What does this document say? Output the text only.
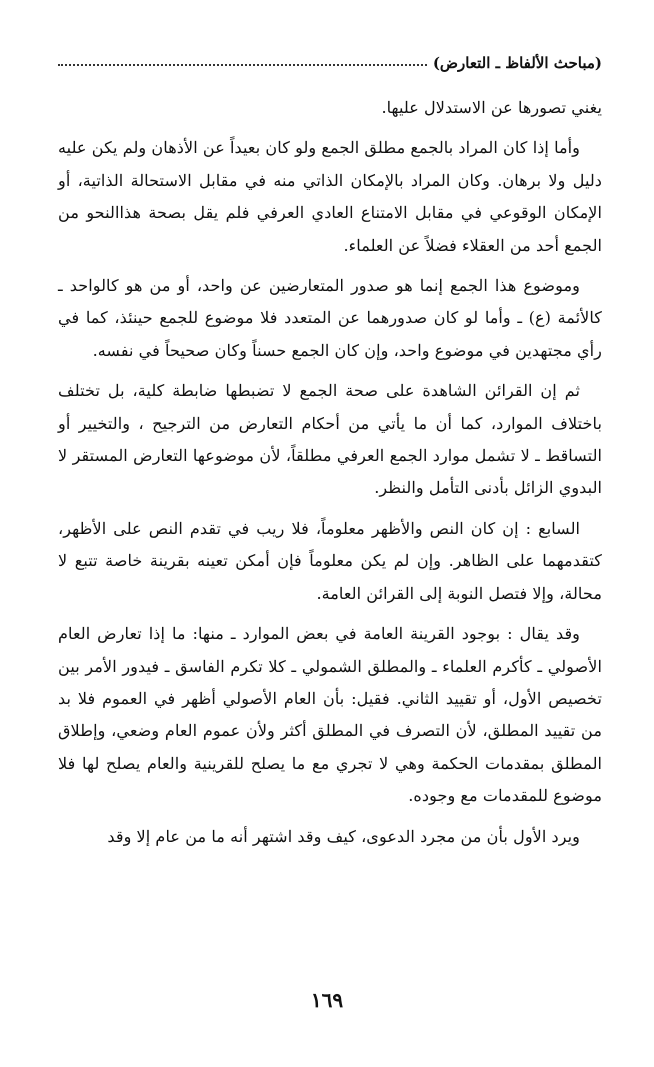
(مباحث الألفاظ ـ التعارض)

يغني تصورها عن الاستدلال عليها.

وأما إذا كان المراد بالجمع مطلق الجمع ولو كان بعيداً عن الأذهان ولم يكن عليه دليل ولا برهان. وكان المراد بالإمكان الذاتي منه في مقابل الاستحالة الذاتية، أو الإمكان الوقوعي في مقابل الامتناع العادي العرفي فلم يقل بصحة هذاالنحو من الجمع أحد من العقلاء فضلاً عن العلماء.

وموضوع هذا الجمع إنما هو صدور المتعارضين عن واحد، أو من هو كالواحد ـ كالأئمة (ع) ـ وأما لو كان صدورهما عن المتعدد فلا موضوع للجمع حينئذ، كما في رأي مجتهدين في موضوع واحد، وإن كان الجمع حسناً وكان صحيحاً في نفسه.

ثم إن القرائن الشاهدة على صحة الجمع لا تضبطها ضابطة كلية، بل تختلف باختلاف الموارد، كما أن ما يأتي من أحكام التعارض من الترجيح ، والتخيير أو التساقط ـ لا تشمل موارد الجمع العرفي مطلقاً، لأن موضوعها التعارض المستقر لا البدوي الزائل بأدنى التأمل والنظر.

السابع : إن كان النص والأظهر معلوماً، فلا ريب في تقدم النص على الأظهر، كتقدمهما على الظاهر. وإن لم يكن معلوماً فإن أمكن تعينه بقرينة خاصة تتبع لا محالة، وإلا فتصل النوبة إلى القرائن العامة.

وقد يقال : بوجود القرينة العامة في بعض الموارد ـ منها: ما إذا تعارض العام الأصولي ـ كأكرم العلماء ـ والمطلق الشمولي ـ كلا تكرم الفاسق ـ فيدور الأمر بين تخصيص الأول، أو تقييد الثاني. فقيل: بأن العام الأصولي أظهر في العموم فلا بد من تقييد المطلق، لأن التصرف في المطلق أكثر ولأن عموم العام وضعي، وإطلاق المطلق بمقدمات الحكمة وهي لا تجري مع ما يصلح للقرينية والعام يصلح لها فلا موضوع للمقدمات مع وجوده.

ويرد الأول بأن من مجرد الدعوى، كيف وقد اشتهر أنه ما من عام إلا وقد

١٦٩
